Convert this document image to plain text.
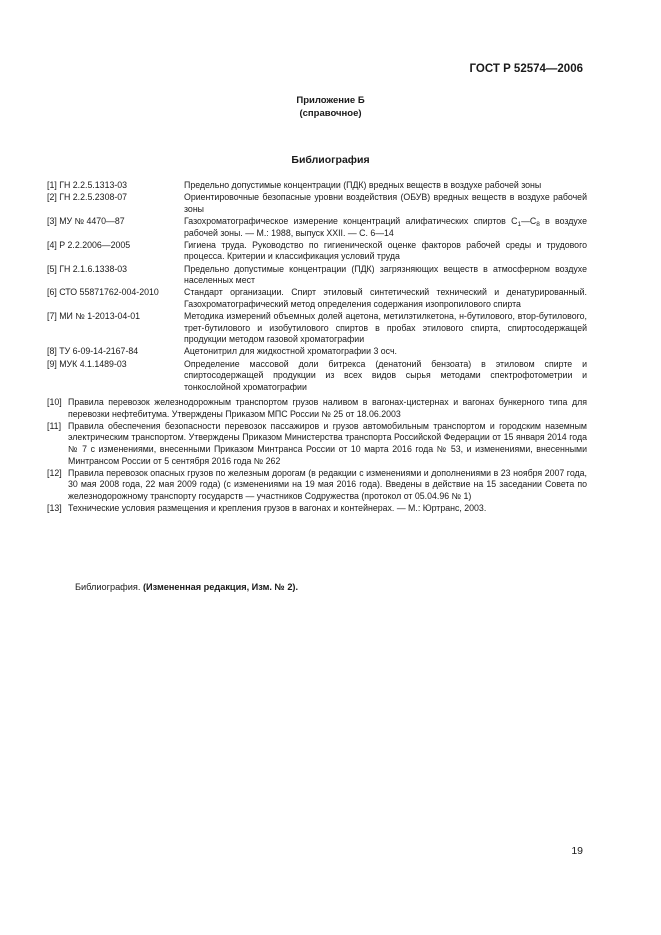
ГОСТ Р 52574—2006
Приложение Б
(справочное)
Библиография
[1] ГН 2.2.5.1313-03	Предельно допустимые концентрации (ПДК) вредных веществ в воздухе рабочей зоны
[2] ГН 2.2.5.2308-07	Ориентировочные безопасные уровни воздействия (ОБУВ) вредных веществ в воздухе рабочей зоны
[3] МУ № 4470—87	Газохроматографическое измерение концентраций алифатических спиртов $С_1—С_8$ в воздухе рабочей зоны. — М.: 1988, выпуск XXII. — С. 6—14
[4] Р 2.2.2006—2005	Гигиена труда. Руководство по гигиенической оценке факторов рабочей среды и трудового процесса. Критерии и классификация условий труда
[5] ГН 2.1.6.1338-03	Предельно допустимые концентрации (ПДК) загрязняющих веществ в атмосферном воздухе населенных мест
[6] СТО 55871762-004-2010	Стандарт организации. Спирт этиловый синтетический технический и денатурированный. Газохроматографический метод определения содержания изопропилового спирта
[7] МИ № 1-2013-04-01	Методика измерений объемных долей ацетона, метилэтилкетона, н-бутилового, втор-бутилового, трет-бутилового и изобутилового спиртов в пробах этилового спирта, спиртосодержащей продукции методом газовой хроматографии
[8] ТУ 6-09-14-2167-84	Ацетонитрил для жидкостной хроматографии 3 осч.
[9] МУК 4.1.1489-03	Определение массовой доли битрекса (денатоний бензоата) в этиловом спирте и спиртосодержащей продукции из всех видов сырья методами спектрофотометрии и тонкослойной хроматографии
[10] Правила перевозок железнодорожным транспортом грузов наливом в вагонах-цистернах и вагонах бункерного типа для перевозки нефтебитума. Утверждены Приказом МПС России № 25 от 18.06.2003
[11] Правила обеспечения безопасности перевозок пассажиров и грузов автомобильным транспортом и городским наземным электрическим транспортом. Утверждены Приказом Министерства транспорта Российской Федерации от 15 января 2014 года № 7 с изменениями, внесенными Приказом Минтранса России от 10 марта 2016 года № 53, и изменениями, внесенными Минтрансом России от 5 сентября 2016 года № 262
[12] Правила перевозок опасных грузов по железным дорогам (в редакции с изменениями и дополнениями в 23 ноября 2007 года, 30 мая 2008 года, 22 мая 2009 года) (с изменениями на 19 мая 2016 года). Введены в действие на 15 заседании Совета по железнодорожному транспорту государств — участников Содружества (протокол от 05.04.96 № 1)
[13] Технические условия размещения и крепления грузов в вагонах и контейнерах. — М.: Юртранс, 2003.
Библиография. (Измененная редакция, Изм. № 2).
19
